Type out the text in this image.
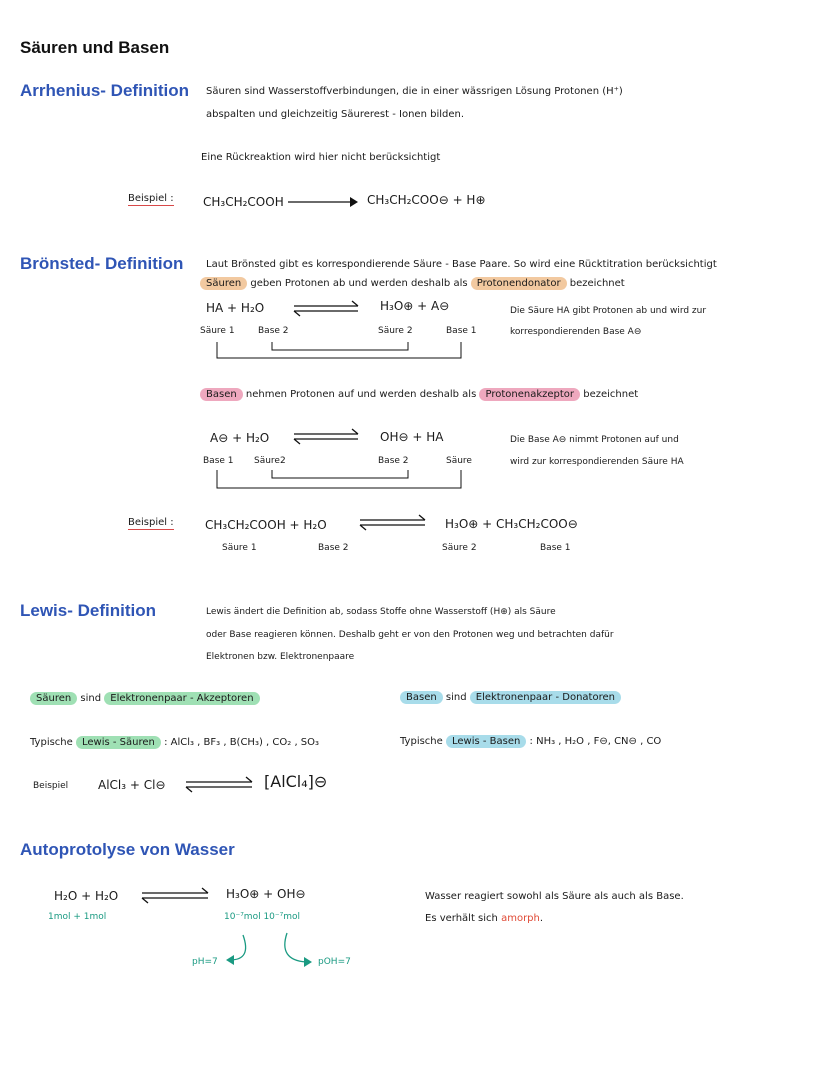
Säuren und Basen
Arrhenius- Definition Säuren sind Wasserstoffverbindungen, die in einer wässrigen Lösung Protonen (H⁺)
abspalten und gleichzeitig Säurerest - Ionen bilden.
Eine Rückreaktion wird hier nicht berücksichtigt
Beispiel : CH₃CH₂COOH	CH₃CH₂COO⊖ + H⊕
Brönsted- Definition Laut Brönsted gibt es korrespondierende Säure - Base Paare. So wird eine Rücktitration berücksichtigt
Säuren geben Protonen ab und werden deshalb als Protonendonator bezeichnet
HA + H₂O	H₃O⊕ + A⊖
Säure 1	Base 2	Säure 2	Base 1
Die Säure HA gibt Protonen ab und wird zur
korrespondierenden Base A⊖
Basen nehmen Protonen auf und werden deshalb als Protonenakzeptor bezeichnet
A⊖ + H₂O	OH⊖ + HA
Base 1 Säure2	Base 2	Säure
Die Base A⊖ nimmt Protonen auf und
wird zur korrespondierenden Säure HA
Beispiel :	CH₃CH₂COOH + H₂O	H₃O⊕ + CH₃CH₂COO⊖
Säure 1	Base 2	Säure 2	Base 1
Lewis- Definition	Lewis ändert die Definition ab, sodass Stoffe ohne Wasserstoff (H⊕) als Säure
oder Base reagieren können. Deshalb geht er von den Protonen weg und betrachten dafür
Elektronen bzw. Elektronenpaare
Säuren sind Elektronenpaar - Akzeptoren	Basen sind Elektronenpaar - Donatoren
Typische Lewis - Säuren : AlCl₃ , BF₃ , B(CH₃) , CO₂ , SO₃	Typische Lewis - Basen : NH₃ , H₂O , F⊖, CN⊖ , CO
Beispiel AlCl₃ + Cl⊖	[AlCl₄]⊖
Autoprotolyse von Wasser
H₂O + H₂O	H₃O⊕ + OH⊖
1mol + 1mol	10⁻⁷mol 10⁻⁷mol
pH=7	pOH=7
Wasser reagiert sowohl als Säure als auch als Base.
Es verhält sich amorph.
